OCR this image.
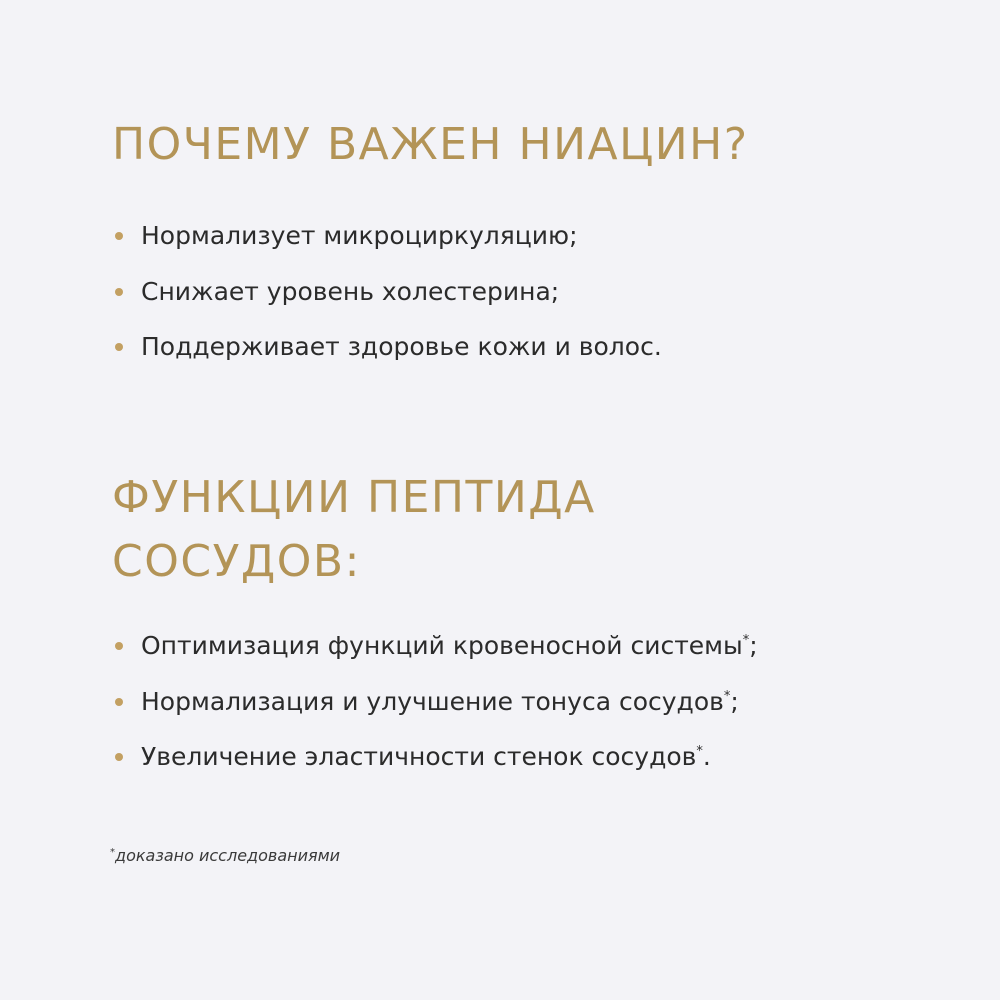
ПОЧЕМУ ВАЖЕН НИАЦИН?
Нормализует микроциркуляцию;
Снижает уровень холестерина;
Поддерживает здоровье кожи и волос.
ФУНКЦИИ ПЕПТИДА
СОСУДОВ:
Оптимизация функций кровеносной системы*;
Нормализация и улучшение тонуса сосудов*;
Увеличение эластичности стенок сосудов*.
*доказано исследованиями
